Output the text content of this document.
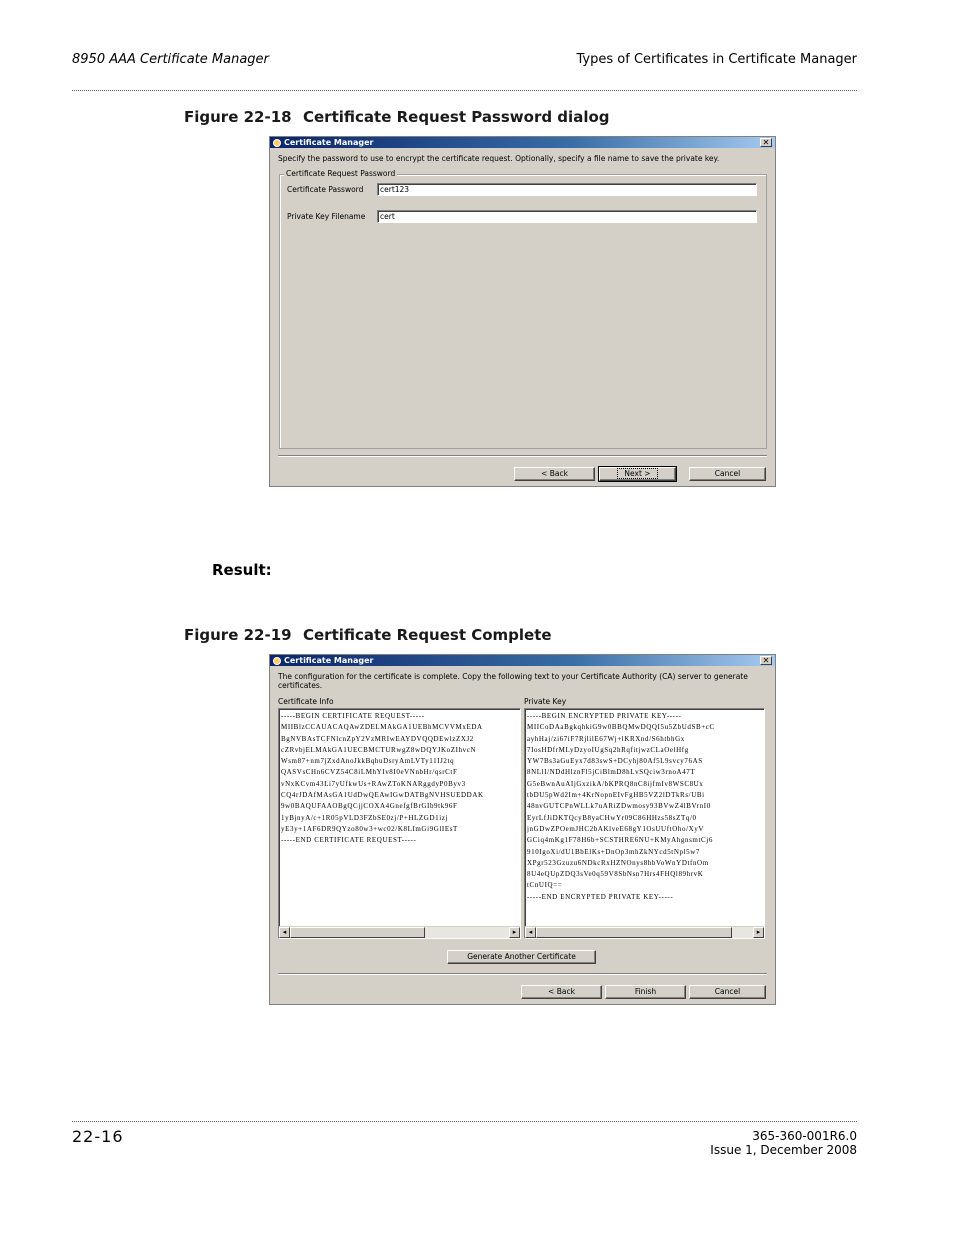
8950 AAA Certificate Manager	Types of Certificates in Certificate Manager
Figure 22-18 Certificate Request Password dialog
Certificate Manager	✕
Specify the password to use to encrypt the certificate request. Optionally, specify a file name to save the private key.
Certificate Request Password
Certificate Password	cert123
Private Key Filename	cert
< Back	Next >	Cancel
Result:
Figure 22-19 Certificate Request Complete
Certificate Manager	✕
The configuration for the certificate is complete. Copy the following text to your Certificate Authority (CA) server to generate certificates.
Certificate Info	Private Key
-----BEGIN CERTIFICATE REQUEST-----
MIIBlzCCAUACAQAwZDELMAkGA1UEBhMCVVMxEDA
BgNVBAsTCFNlcnZpY2VzMRIwEAYDVQQDEwlzZXJ2
cZRvbjELMAkGA1UECBMCTURwgZ8wDQYJKoZIhvcN
Wsm87+nm7jZxdAnoJkkBqhuDsryAmLVTy11IJ2tq
QASVsCHn6CVZ54C8iLMhYIv8I0eVNnbHr/qsrCtF
vNxKCvm43Li7yUfkwUs+RAwZToKNARggdyP0Byv3
CQ4rJDAfMAsGA1UdDwQEAwIGwDATBgNVHSUEDDAK
9w0BAQUFAAOBgQCjjCOXA4GnefgfBrGIb9tk96F
1yBjnyA/c+1R05pVLD3FZbSE0zj/P+HLZGD1izj
yE3y+1AF6DR9QYzo80w3+wc02/K8LImGi9GlIEsT
-----END CERTIFICATE REQUEST-----
◂	▸
-----BEGIN ENCRYPTED PRIVATE KEY-----
MIICoDAaBgkqhkiG9w0BBQMwDQQI5u5ZbUdSB+cC
ayhHaj/zi67iF7RjlilE67Wj+lKRXnd/S6htbhGx
7IosHDfrMLyDzyoIUgSq2hRqfitjwzCLaOelHfg
YW7Bs3aGuEyx7d83swS+DCyhj80Af5L9svcy76AS
8NLlI/NDdHlznFl5jCiBlmD8hLvSQciw3rnoA47T
G5eBwnAuAIjGxzikA/bKPRQ8nC8ijfmIv8WSC8Ux
tbDU5pWd2Im+4KrNopnEIvFgHB5VZ2lDTkRs/UBi
48nvGUTCPnWLLk7uARiZDwmosy93BVwZ4lBVrnI0
EyrLfJiDKTQcyB8yaCHwYr09C86HHzs58sZTq/0
jnGDwZPOemJHC2bAKlveE68gY1OsUUftOho/XyV
GCiq4mKg1F78H6b+SCSTHRE6NU+KMyAhgnsmtCj6
910IgoXi/dU1BbElKs+DnOp3mhZkNYcd5tNpl5w7
XPgr523Gzuzu6NDkcRxHZNOnys8hbVoWnYDtfnOm
8U4eQUpZDQ3sVe0q59V8SbNsn7Hrs4FHQl89hrvK
tCnUIQ==
-----END ENCRYPTED PRIVATE KEY-----
◂	▸
Generate Another Certificate
< Back	Finish	Cancel
22-16	365-360-001R6.0
Issue 1, December 2008
